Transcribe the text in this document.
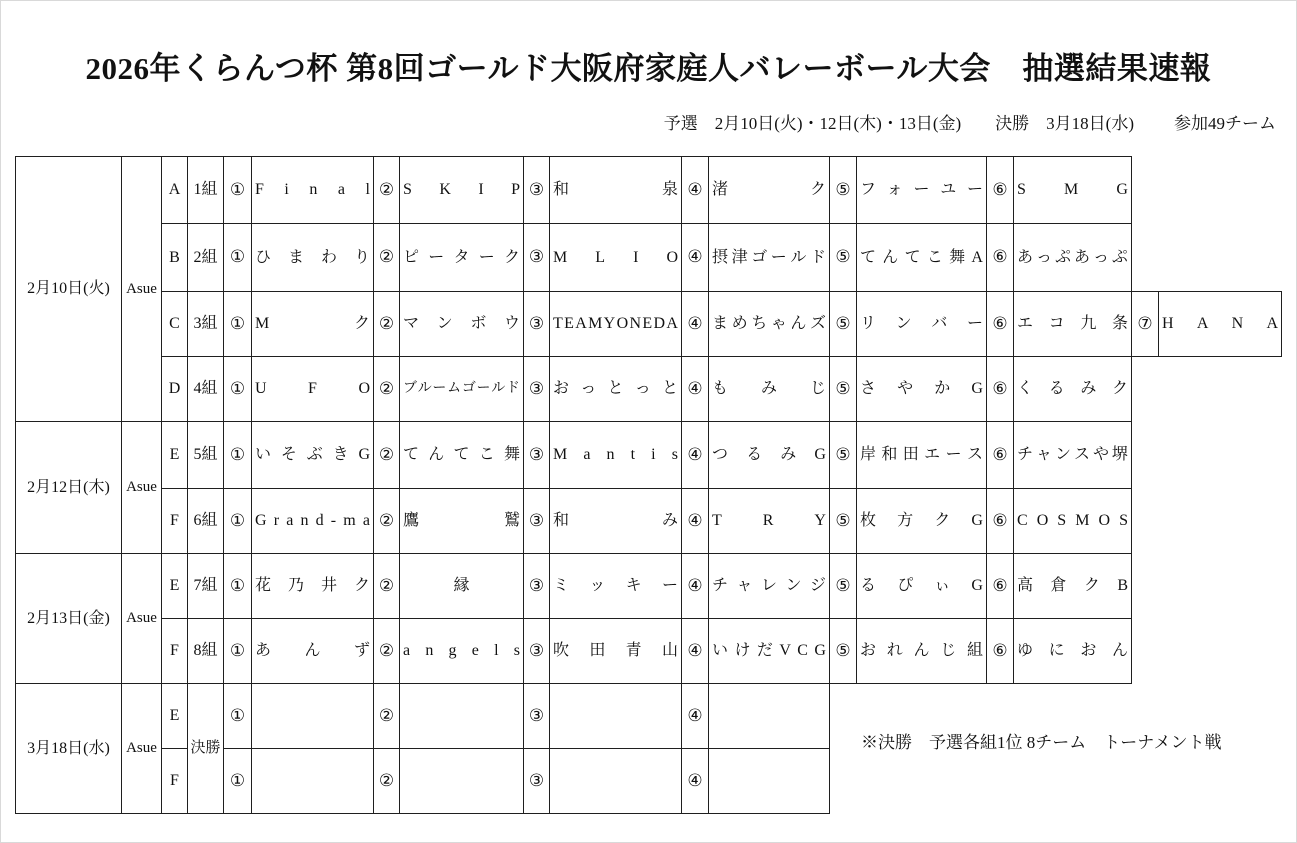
2026年くらんつ杯 第8回ゴールド大阪府家庭人バレーボール大会　抽選結果速報
予選　2月10日(火)・12日(木)・13日(金)　　決勝　3月18日(水) 参加49チーム
2月10日(火)	Asue
A 1組 ① F i n a l ② S K I P ③ 和	泉 ④ 渚	ク ⑤ フ ォ ー ユ ー ⑥ S M G
B 2組 ① ひ ま わ り ② ピ ー タ ー ク ③ M L I O ④ 摂 津 ゴ ー ル ド ⑤ て ん て こ 舞 A ⑥ あ っ ぷ あ っ ぷ
C 3組 ① M	ク ② マ ン ボ ウ ③ T E A M Y O N E D A ④ ま め ち ゃ ん ズ ⑤ リ ン バ ー ⑥ エ コ 九 条 ⑦ H A N A
D 4組 ① U	F	O ② ブ ル ー ム ゴ ー ル ド ③ お っ と っ と ④ も み じ ⑤ さ や か G ⑥ く る み ク
2月12日(木)	Asue
E 5組 ① い そ ぶ き G ② て ん て こ 舞 ③ M a n t i s ④ つ る み G ⑤ 岸 和 田 エ ー ス ⑥ チ ャ ン ス や 堺
F 6組 ① G r a n d - m a ② 鷹	鷲 ③ 和	み ④ T	R	Y ⑤ 枚 方 ク G ⑥ C O S M O S
2月13日(金)	Asue
E 7組 ① 花 乃 井 ク ②	縁	③ ミ ッ キ ー ④ チ ャ レ ン ジ ⑤ る ぴ ぃ G ⑥ 高 倉 ク B
F 8組 ① あ ん ず ② a n g e l s ③ 吹 田 青 山 ④ い け だ V C G ⑤ お れ ん じ 組 ⑥ ゆ に お ん
3月18日(水)	Asue	決勝
E	①	②	③	④
F	①	②	③	④
※決勝　予選各組1位 8チーム　トーナメント戦
